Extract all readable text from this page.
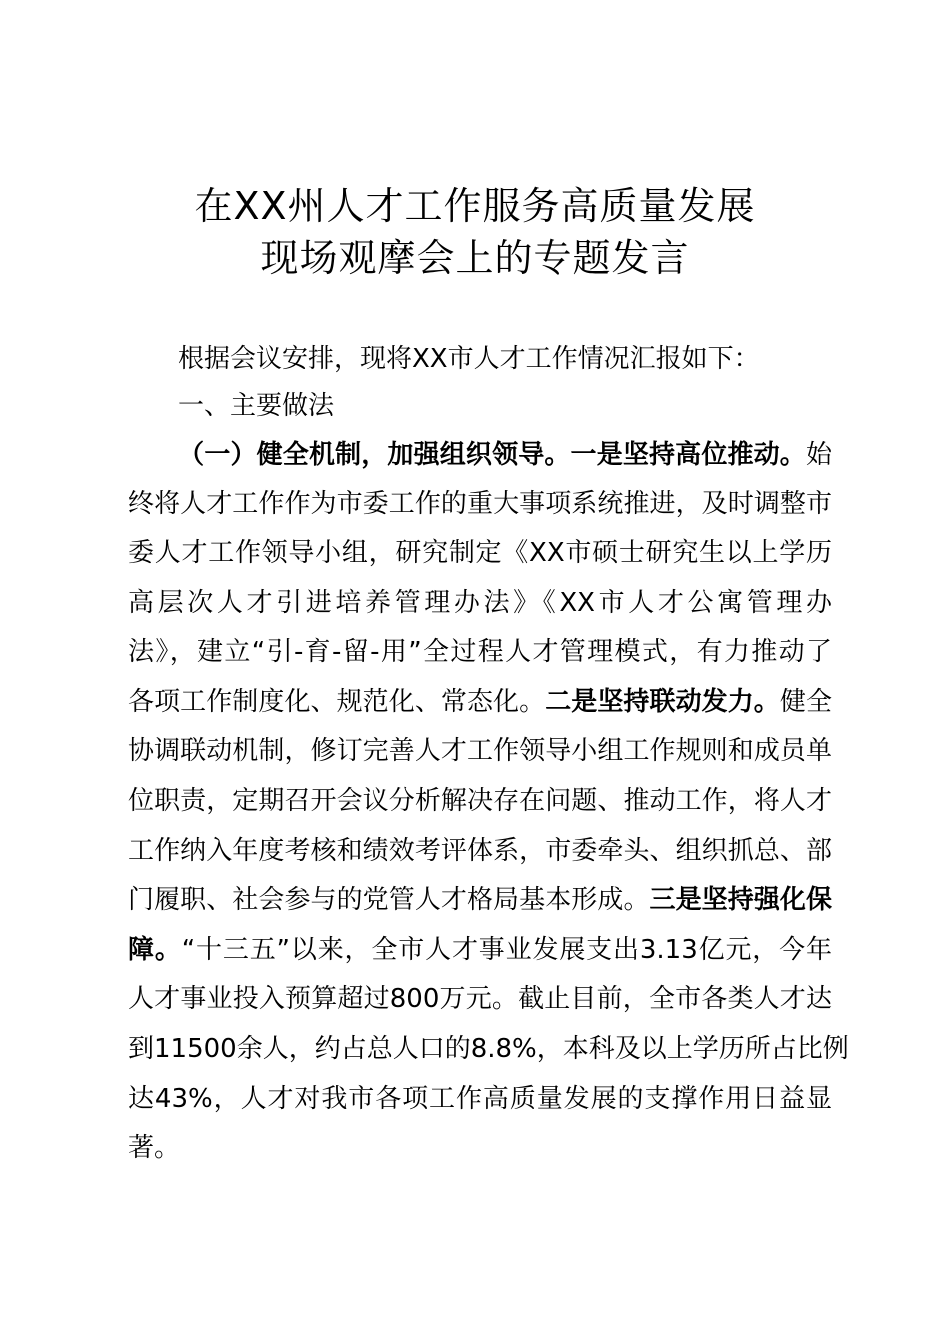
在XX州人才工作服务高质量发展
现场观摩会上的专题发言

根据会议安排，现将XX市人才工作情况汇报如下：

一、主要做法

（一）健全机制，加强组织领导。一是坚持高位推动。始

终将人才工作作为市委工作的重大事项系统推进，及时调整市

委人才工作领导小组，研究制定《XX市硕士研究生以上学历

高层次人才引进培养管理办法》《XX市人才公寓管理办

法》，建立“引-育-留-用”全过程人才管理模式，有力推动了

各项工作制度化、规范化、常态化。二是坚持联动发力。健全

协调联动机制，修订完善人才工作领导小组工作规则和成员单

位职责，定期召开会议分析解决存在问题、推动工作，将人才

工作纳入年度考核和绩效考评体系，市委牵头、组织抓总、部

门履职、社会参与的党管人才格局基本形成。三是坚持强化保

障。“十三五”以来，全市人才事业发展支出3.13亿元，今年

人才事业投入预算超过800万元。截止目前，全市各类人才达

到11500余人，约占总人口的8.8%，本科及以上学历所占比例

达43%，人才对我市各项工作高质量发展的支撑作用日益显

著。
